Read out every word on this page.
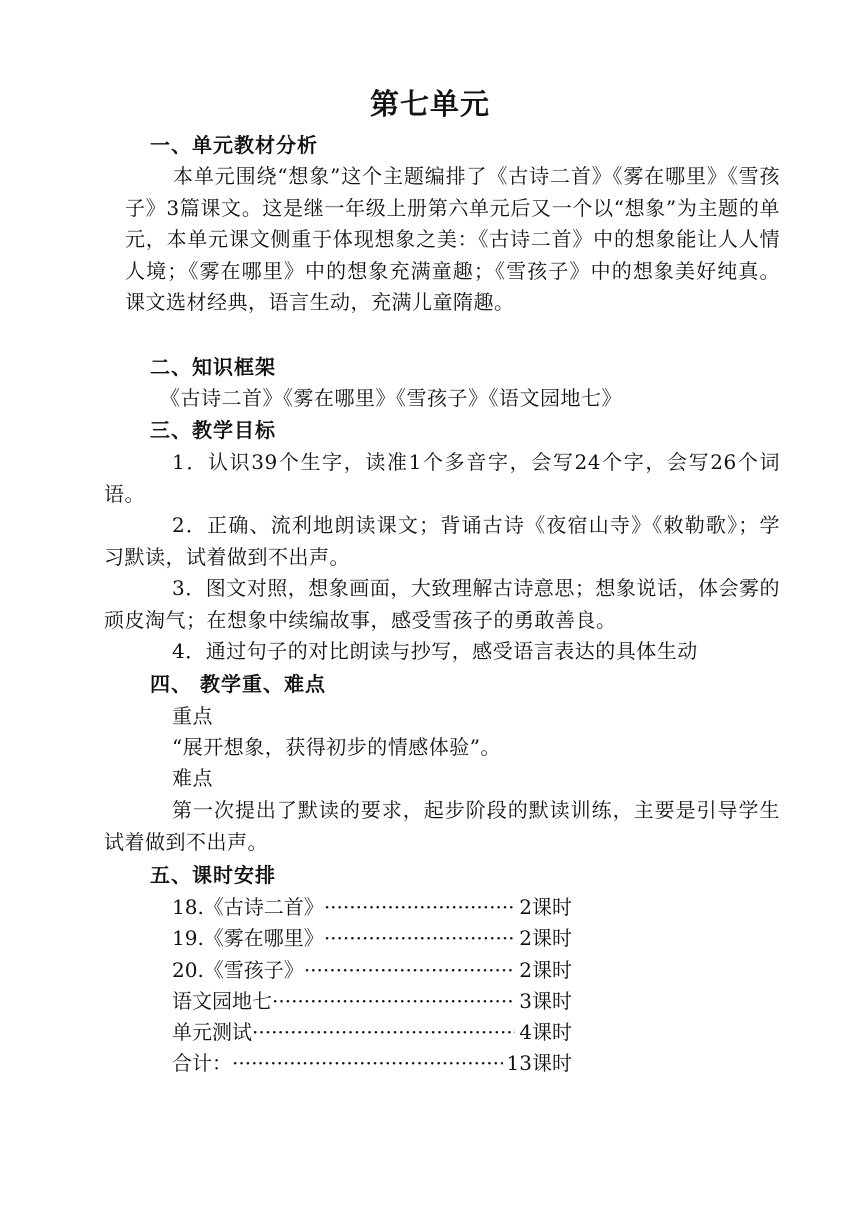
第七单元
一、单元教材分析
本单元围绕“想象”这个主题编排了《古诗二首》《雾在哪里》《雪孩子》3篇课文。这是继一年级上册第六单元后又一个以“想象”为主题的单元，本单元课文侧重于体现想象之美：《古诗二首》中的想象能让人人情人境；《雾在哪里》中的想象充满童趣；《雪孩子》中的想象美好纯真。课文选材经典，语言生动，充满儿童隋趣。
二、知识框架
《古诗二首》《雾在哪里》《雪孩子》《语文园地七》
三、教学目标
1．认识39个生字，读准1个多音字，会写24个字，会写26个词语。
2．正确、流利地朗读课文；背诵古诗《夜宿山寺》《敕勒歌》；学习默读，试着做到不出声。
3．图文对照，想象画面，大致理解古诗意思；想象说话，体会雾的顽皮淘气；在想象中续编故事，感受雪孩子的勇敢善良。
4．通过句子的对比朗读与抄写，感受语言表达的具体生动
四、 教学重、难点
重点
“展开想象，获得初步的情感体验”。
难点
第一次提出了默读的要求，起步阶段的默读训练，主要是引导学生试着做到不出声。
五、课时安排
18.《古诗二首》 ·····	2课时
19.《雾在哪里》 ·····	2课时
20.《雪孩子》 ·····	2课时
语文园地七 ·····	3课时
单元测试 ·····	4课时
合计： ·····	13课时
